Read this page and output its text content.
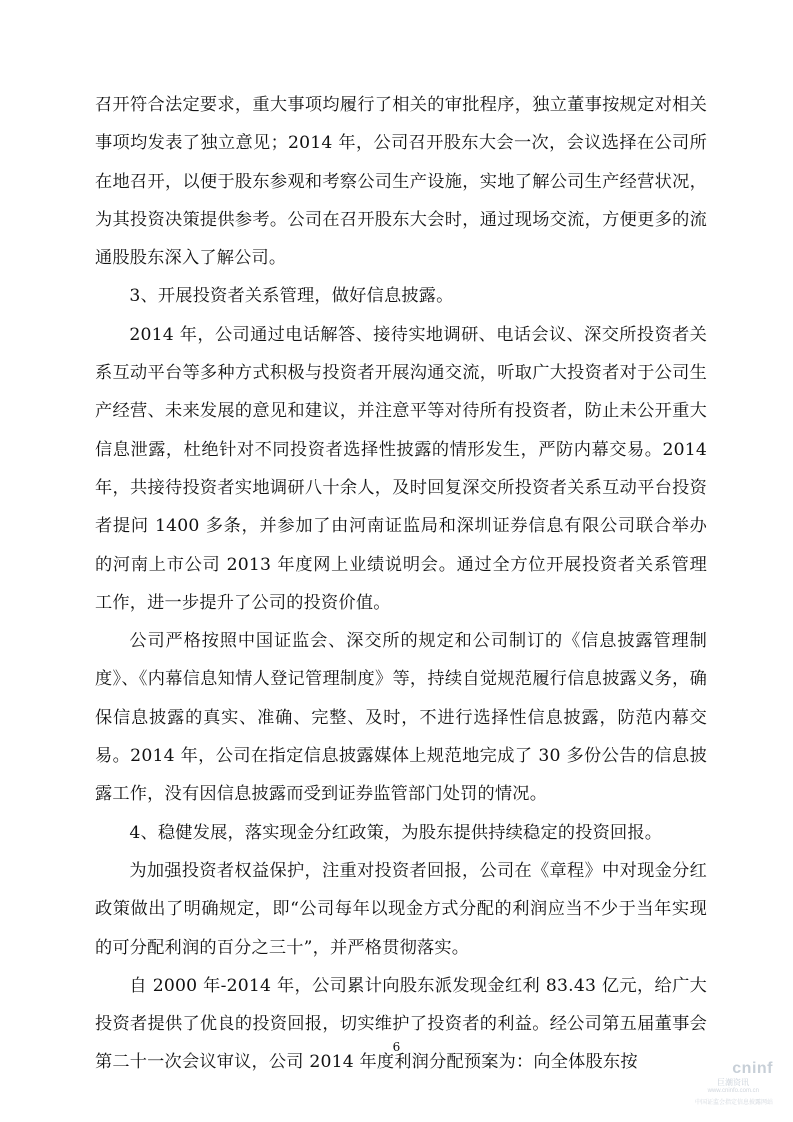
召开符合法定要求，重大事项均履行了相关的审批程序，独立董事按规定对相关事项均发表了独立意见；2014 年，公司召开股东大会一次，会议选择在公司所在地召开，以便于股东参观和考察公司生产设施，实地了解公司生产经营状况，为其投资决策提供参考。公司在召开股东大会时，通过现场交流，方便更多的流通股股东深入了解公司。

3、开展投资者关系管理，做好信息披露。

2014 年，公司通过电话解答、接待实地调研、电话会议、深交所投资者关系互动平台等多种方式积极与投资者开展沟通交流，听取广大投资者对于公司生产经营、未来发展的意见和建议，并注意平等对待所有投资者，防止未公开重大信息泄露，杜绝针对不同投资者选择性披露的情形发生，严防内幕交易。2014 年，共接待投资者实地调研八十余人，及时回复深交所投资者关系互动平台投资者提问 1400 多条，并参加了由河南证监局和深圳证券信息有限公司联合举办的河南上市公司 2013 年度网上业绩说明会。通过全方位开展投资者关系管理工作，进一步提升了公司的投资价值。

公司严格按照中国证监会、深交所的规定和公司制订的《信息披露管理制度》、《内幕信息知情人登记管理制度》等，持续自觉规范履行信息披露义务，确保信息披露的真实、准确、完整、及时，不进行选择性信息披露，防范内幕交易。2014 年，公司在指定信息披露媒体上规范地完成了 30 多份公告的信息披露工作，没有因信息披露而受到证券监管部门处罚的情况。

4、稳健发展，落实现金分红政策，为股东提供持续稳定的投资回报。

为加强投资者权益保护，注重对投资者回报，公司在《章程》中对现金分红政策做出了明确规定，即“公司每年以现金方式分配的利润应当不少于当年实现的可分配利润的百分之三十”，并严格贯彻落实。

自 2000 年-2014 年，公司累计向股东派发现金红利 83.43 亿元，给广大投资者提供了优良的投资回报，切实维护了投资者的利益。经公司第五届董事会第二十一次会议审议，公司 2014 年度利润分配预案为：向全体股东按

6
cninf
巨潮资讯
www.cninfo.com.cn
中国证监会指定信息披露网站
